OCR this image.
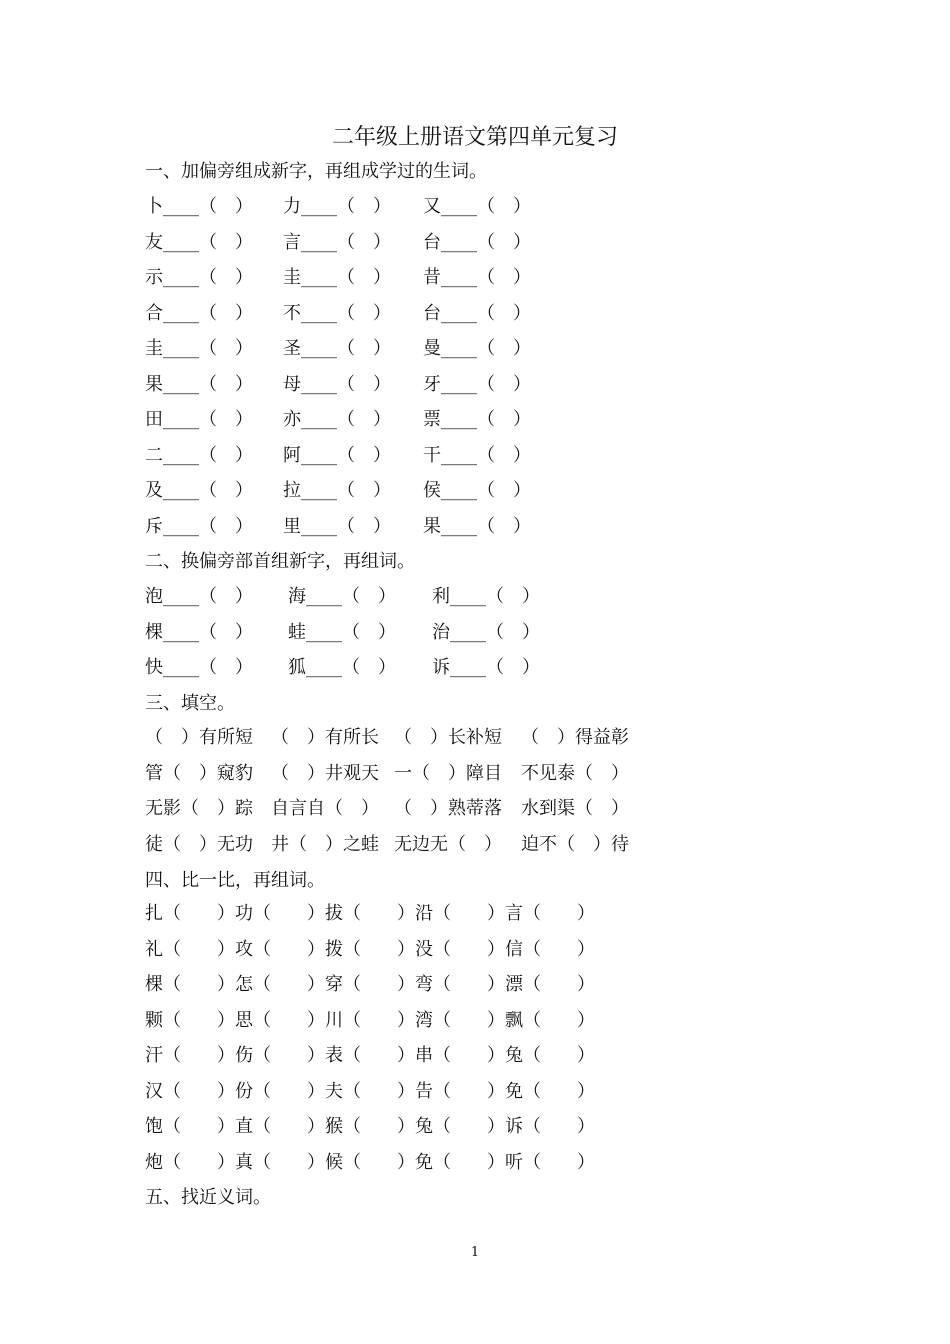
二年级上册语文第四单元复习
一、加偏旁组成新字，再组成学过的生词。
卜____（　） 力____（　） 又____（　）
友____（　） 言____（　） 台____（　）
示____（　） 圭____（　） 昔____（　）
合____（　） 不____（　） 台____（　）
圭____（　） 圣____（　） 曼____（　）
果____（　） 母____（　） 牙____（　）
田____（　） 亦____（　） 票____（　）
二____（　） 阿____（　） 干____（　）
及____（　） 拉____（　） 侯____（　）
斥____（　） 里____（　） 果____（　）
二、换偏旁部首组新字，再组词。
泡____（　） 海____（　） 利____（　）
棵____（　） 蛙____（　） 治____（　）
快____（　） 狐____（　） 诉____（　）
三、填空。
（　）有所短 （　）有所长 （　）长补短 （　）得益彰
管（　）窥豹 （　）井观天 一（　）障目 不见泰（　）
无影（　）踪 自言自（　） （　）熟蒂落 水到渠（　）
徒（　）无功 井（　）之蛙 无边无（　） 迫不（　）待
四、比一比，再组词。
扎（　　） 功（　　） 拔（　　） 沿（　　） 言（　　）
礼（　　） 攻（　　） 拨（　　） 没（　　） 信（　　）
棵（　　） 怎（　　） 穿（　　） 弯（　　） 漂（　　）
颗（　　） 思（　　） 川（　　） 湾（　　） 飘（　　）
汗（　　） 伤（　　） 表（　　） 串（　　） 兔（　　）
汉（　　） 份（　　） 夫（　　） 告（　　） 免（　　）
饱（　　） 直（　　） 猴（　　） 兔（　　） 诉（　　）
炮（　　） 真（　　） 候（　　） 免（　　） 听（　　）
五、找近义词。
1
